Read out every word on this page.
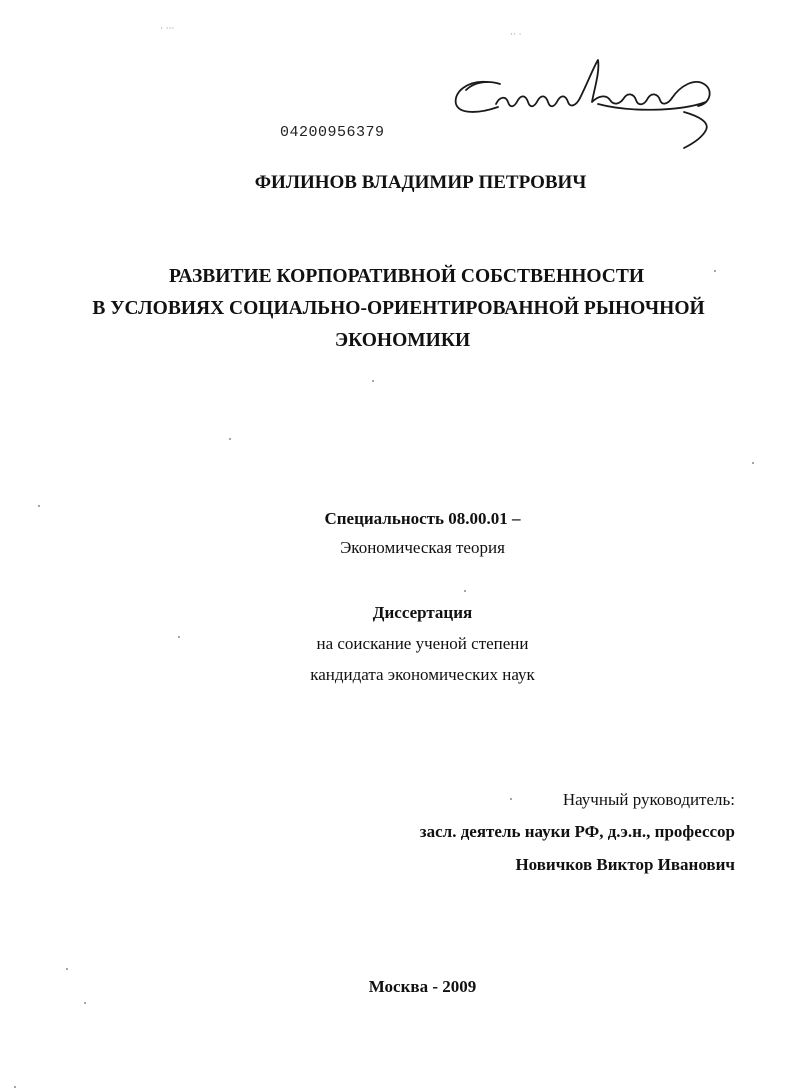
· ···
·· ·
04200956379
ФИЛИНОВ ВЛАДИМИР ПЕТРОВИЧ
РАЗВИТИЕ КОРПОРАТИВНОЙ СОБСТВЕННОСТИ
В УСЛОВИЯХ СОЦИАЛЬНО-ОРИЕНТИРОВАННОЙ РЫНОЧНОЙ
ЭКОНОМИКИ
Специальность 08.00.01 –
Экономическая теория
Диссертация
на соискание ученой степени
кандидата экономических наук
Научный руководитель:
засл. деятель науки РФ, д.э.н., профессор
Новичков Виктор Иванович
Москва - 2009
